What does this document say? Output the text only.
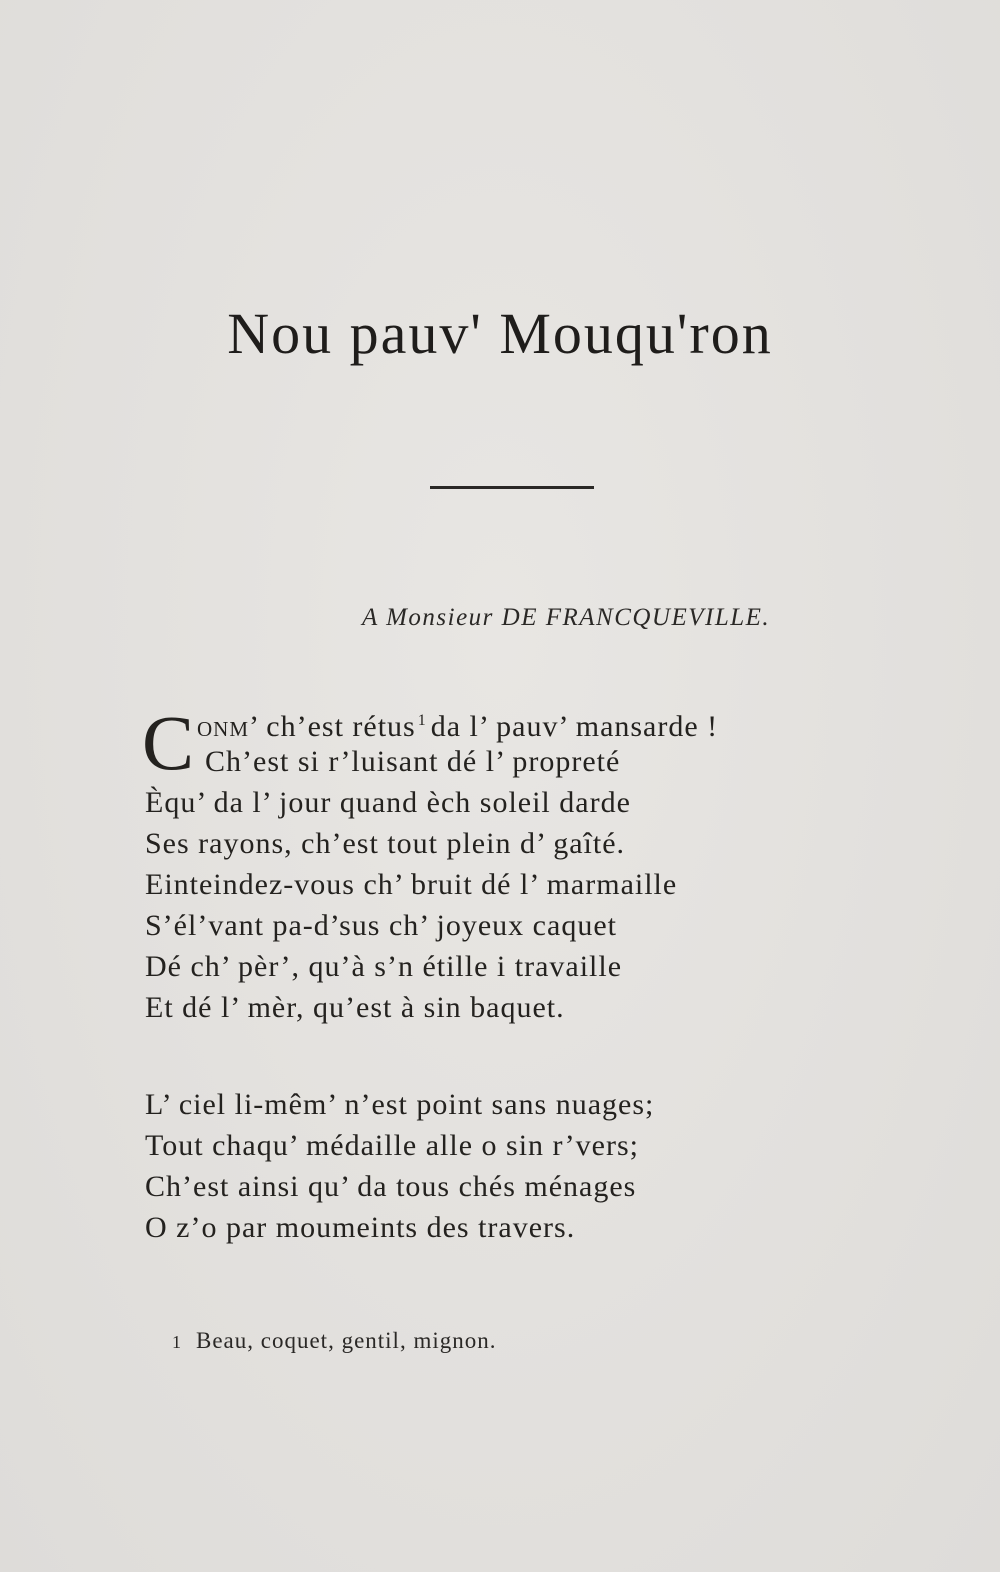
Nou pauv' Mouqu'ron
A Monsieur DE FRANCQUEVILLE.
C ONM’ ch’est rétus $^1$ da l’ pauv’ mansarde !
Ch’est si r’luisant dé l’ propreté
Èqu’ da l’ jour quand èch soleil darde
Ses rayons, ch’est tout plein d’ gaîté.
Einteindez-vous ch’ bruit dé l’ marmaille
S’él’vant pa-d’sus ch’ joyeux caquet
Dé ch’ pèr’, qu’à s’n étille i travaille
Et dé l’ mèr, qu’est à sin baquet.
L’ ciel li-mêm’ n’est point sans nuages;
Tout chaqu’ médaille alle o sin r’vers;
Ch’est ainsi qu’ da tous chés ménages
O z’o par moumeints des travers.
1 Beau, coquet, gentil, mignon.
